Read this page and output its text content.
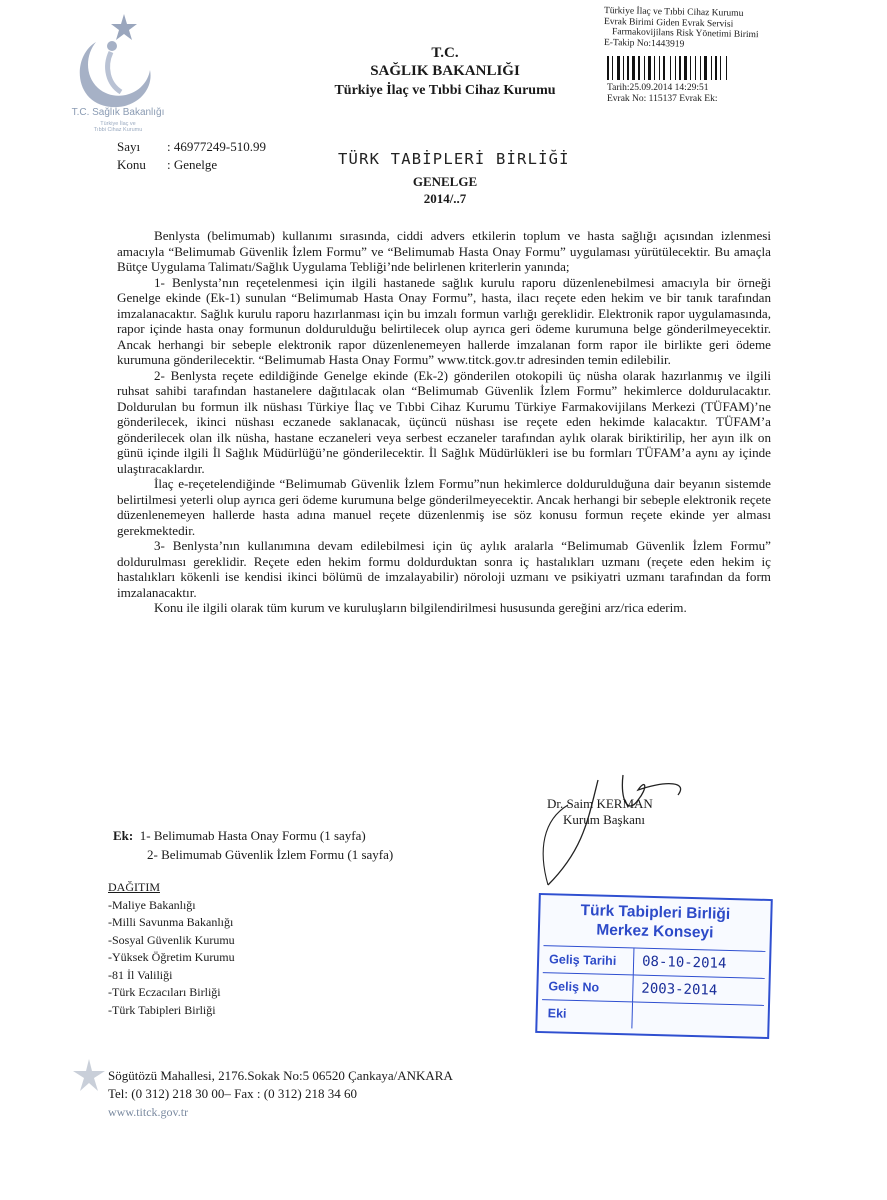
T.C. Sağlık Bakanlığı
Türkiye İlaç ve
Tıbbi Cihaz Kurumu
T.C.
SAĞLIK BAKANLIĞI
Türkiye İlaç ve Tıbbi Cihaz Kurumu
Türkiye İlaç ve Tıbbi Cihaz Kurumu
Evrak Birimi Giden Evrak Servisi
Farmakovijilans Risk Yönetimi Birimi
E-Takip No:1443919
Tarih:25.09.2014 14:29:51
Evrak No: 115137 Evrak Ek:
Sayı	: 46977249-510.99
Konu	: Genelge	TÜRK TABİPLERİ BİRLİĞİ
GENELGE
2014/..7

Benlysta (belimumab) kullanımı sırasında, ciddi advers etkilerin toplum ve hasta sağlığı açısından izlenmesi amacıyla “Belimumab Güvenlik İzlem Formu” ve “Belimumab Hasta Onay Formu” uygulaması yürütülecektir. Bu amaçla Bütçe Uygulama Talimatı/Sağlık Uygulama Tebliği’nde belirlenen kriterlerin yanında;

1- Benlysta’nın reçetelenmesi için ilgili hastanede sağlık kurulu raporu düzenlenebilmesi amacıyla bir örneği Genelge ekinde (Ek-1) sunulan “Belimumab Hasta Onay Formu”, hasta, ilacı reçete eden hekim ve bir tanık tarafından imzalanacaktır. Sağlık kurulu raporu hazırlanması için bu imzalı formun varlığı gereklidir. Elektronik rapor uygulamasında, rapor içinde hasta onay formunun doldurulduğu belirtilecek olup ayrıca geri ödeme kurumuna belge gönderilmeyecektir. Ancak herhangi bir sebeple elektronik rapor düzenlenemeyen hallerde imzalanan form rapor ile birlikte geri ödeme kurumuna gönderilecektir. “Belimumab Hasta Onay Formu” www.titck.gov.tr adresinden temin edilebilir.

2- Benlysta reçete edildiğinde Genelge ekinde (Ek-2) gönderilen otokopili üç nüsha olarak hazırlanmış ve ilgili ruhsat sahibi tarafından hastanelere dağıtılacak olan “Belimumab Güvenlik İzlem Formu” hekimlerce doldurulacaktır. Doldurulan bu formun ilk nüshası Türkiye İlaç ve Tıbbi Cihaz Kurumu Türkiye Farmakovijilans Merkezi (TÜFAM)’ne gönderilecek, ikinci nüshası eczanede saklanacak, üçüncü nüshası ise reçete eden hekimde kalacaktır. TÜFAM’a gönderilecek olan ilk nüsha, hastane eczaneleri veya serbest eczaneler tarafından aylık olarak biriktirilip, her ayın ilk on günü içinde ilgili İl Sağlık Müdürlüğü’ne gönderilecektir. İl Sağlık Müdürlükleri ise bu formları TÜFAM’a aynı ay içinde ulaştıracaklardır.

İlaç e-reçetelendiğinde “Belimumab Güvenlik İzlem Formu”nun hekimlerce doldurulduğuna dair beyanın sistemde belirtilmesi yeterli olup ayrıca geri ödeme kurumuna belge gönderilmeyecektir. Ancak herhangi bir sebeple elektronik reçete düzenlenemeyen hallerde hasta adına manuel reçete düzenlenmiş ise söz konusu formun reçete ekinde yer alması gerekmektedir.

3- Benlysta’nın kullanımına devam edilebilmesi için üç aylık aralarla “Belimumab Güvenlik İzlem Formu” doldurulması gereklidir. Reçete eden hekim formu doldurduktan sonra iç hastalıkları uzmanı (reçete eden hekim iç hastalıkları kökenli ise kendisi ikinci bölümü de imzalayabilir) nöroloji uzmanı ve psikiyatri uzmanı tarafından da form imzalanacaktır.

Konu ile ilgili olarak tüm kurum ve kuruluşların bilgilendirilmesi hususunda gereğini arz/rica ederim.

Dr. Saim KERMAN
Kurum Başkanı
Ek: 1- Belimumab Hasta Onay Formu (1 sayfa)
2- Belimumab Güvenlik İzlem Formu (1 sayfa)
DAĞITIM
-Maliye Bakanlığı
-Milli Savunma Bakanlığı
-Sosyal Güvenlik Kurumu
-Yüksek Öğretim Kurumu
-81 İl Valiliği
-Türk Eczacıları Birliği
-Türk Tabipleri Birliği
Türk Tabipleri Birliği
Merkez Konseyi
Geliş Tarihi	08-10-2014
Geliş No	2003-2014
Eki
Sögütözü Mahallesi, 2176.Sokak No:5 06520 Çankaya/ANKARA
Tel: (0 312) 218 30 00– Fax : (0 312) 218 34 60
www.titck.gov.tr
